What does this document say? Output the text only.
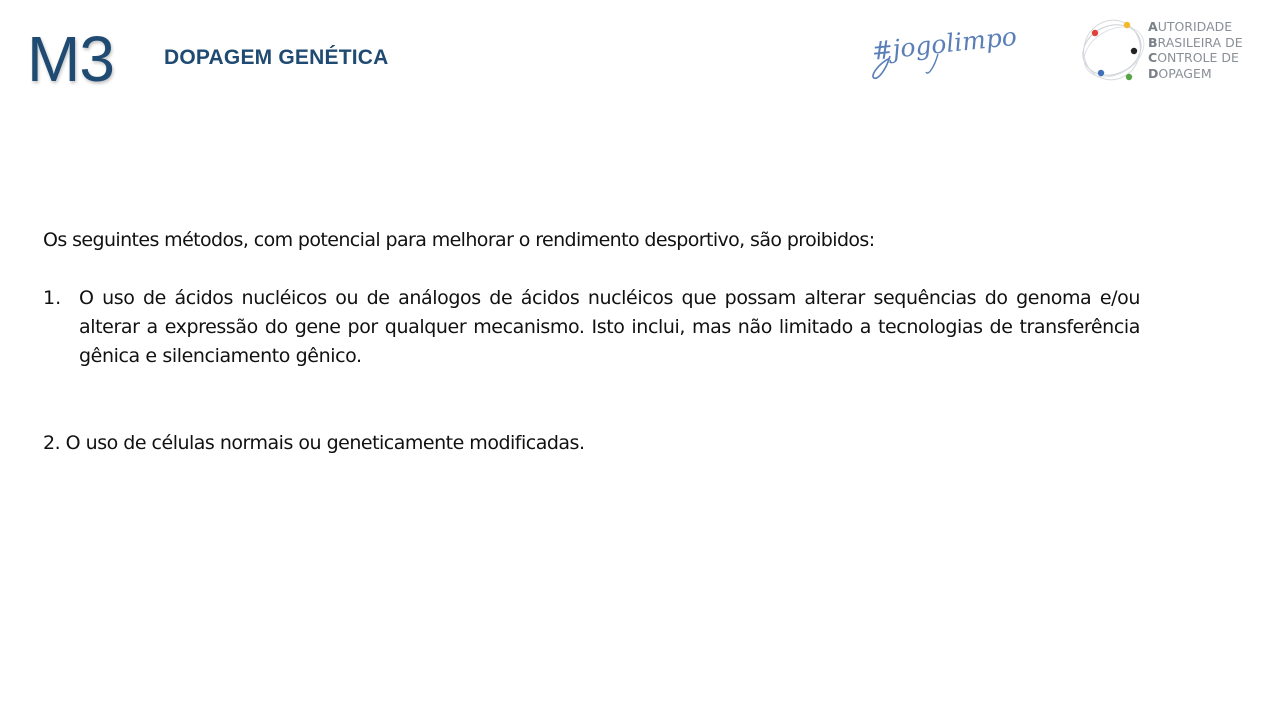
M3 DOPAGEM GENÉTICA	#jogolimpo	AUTORIDADE
BRASILEIRA DE
CONTROLE DE
DOPAGEM

Os seguintes métodos, com potencial para melhorar o rendimento desportivo, são proibidos:

1. O uso de ácidos nucléicos ou de análogos de ácidos nucléicos que possam alterar sequências do genoma e/ou alterar a expressão do gene por qualquer mecanismo. Isto inclui, mas não limitado a tecnologias de transferência gênica e silenciamento gênico.

2. O uso de células normais ou geneticamente modificadas.
